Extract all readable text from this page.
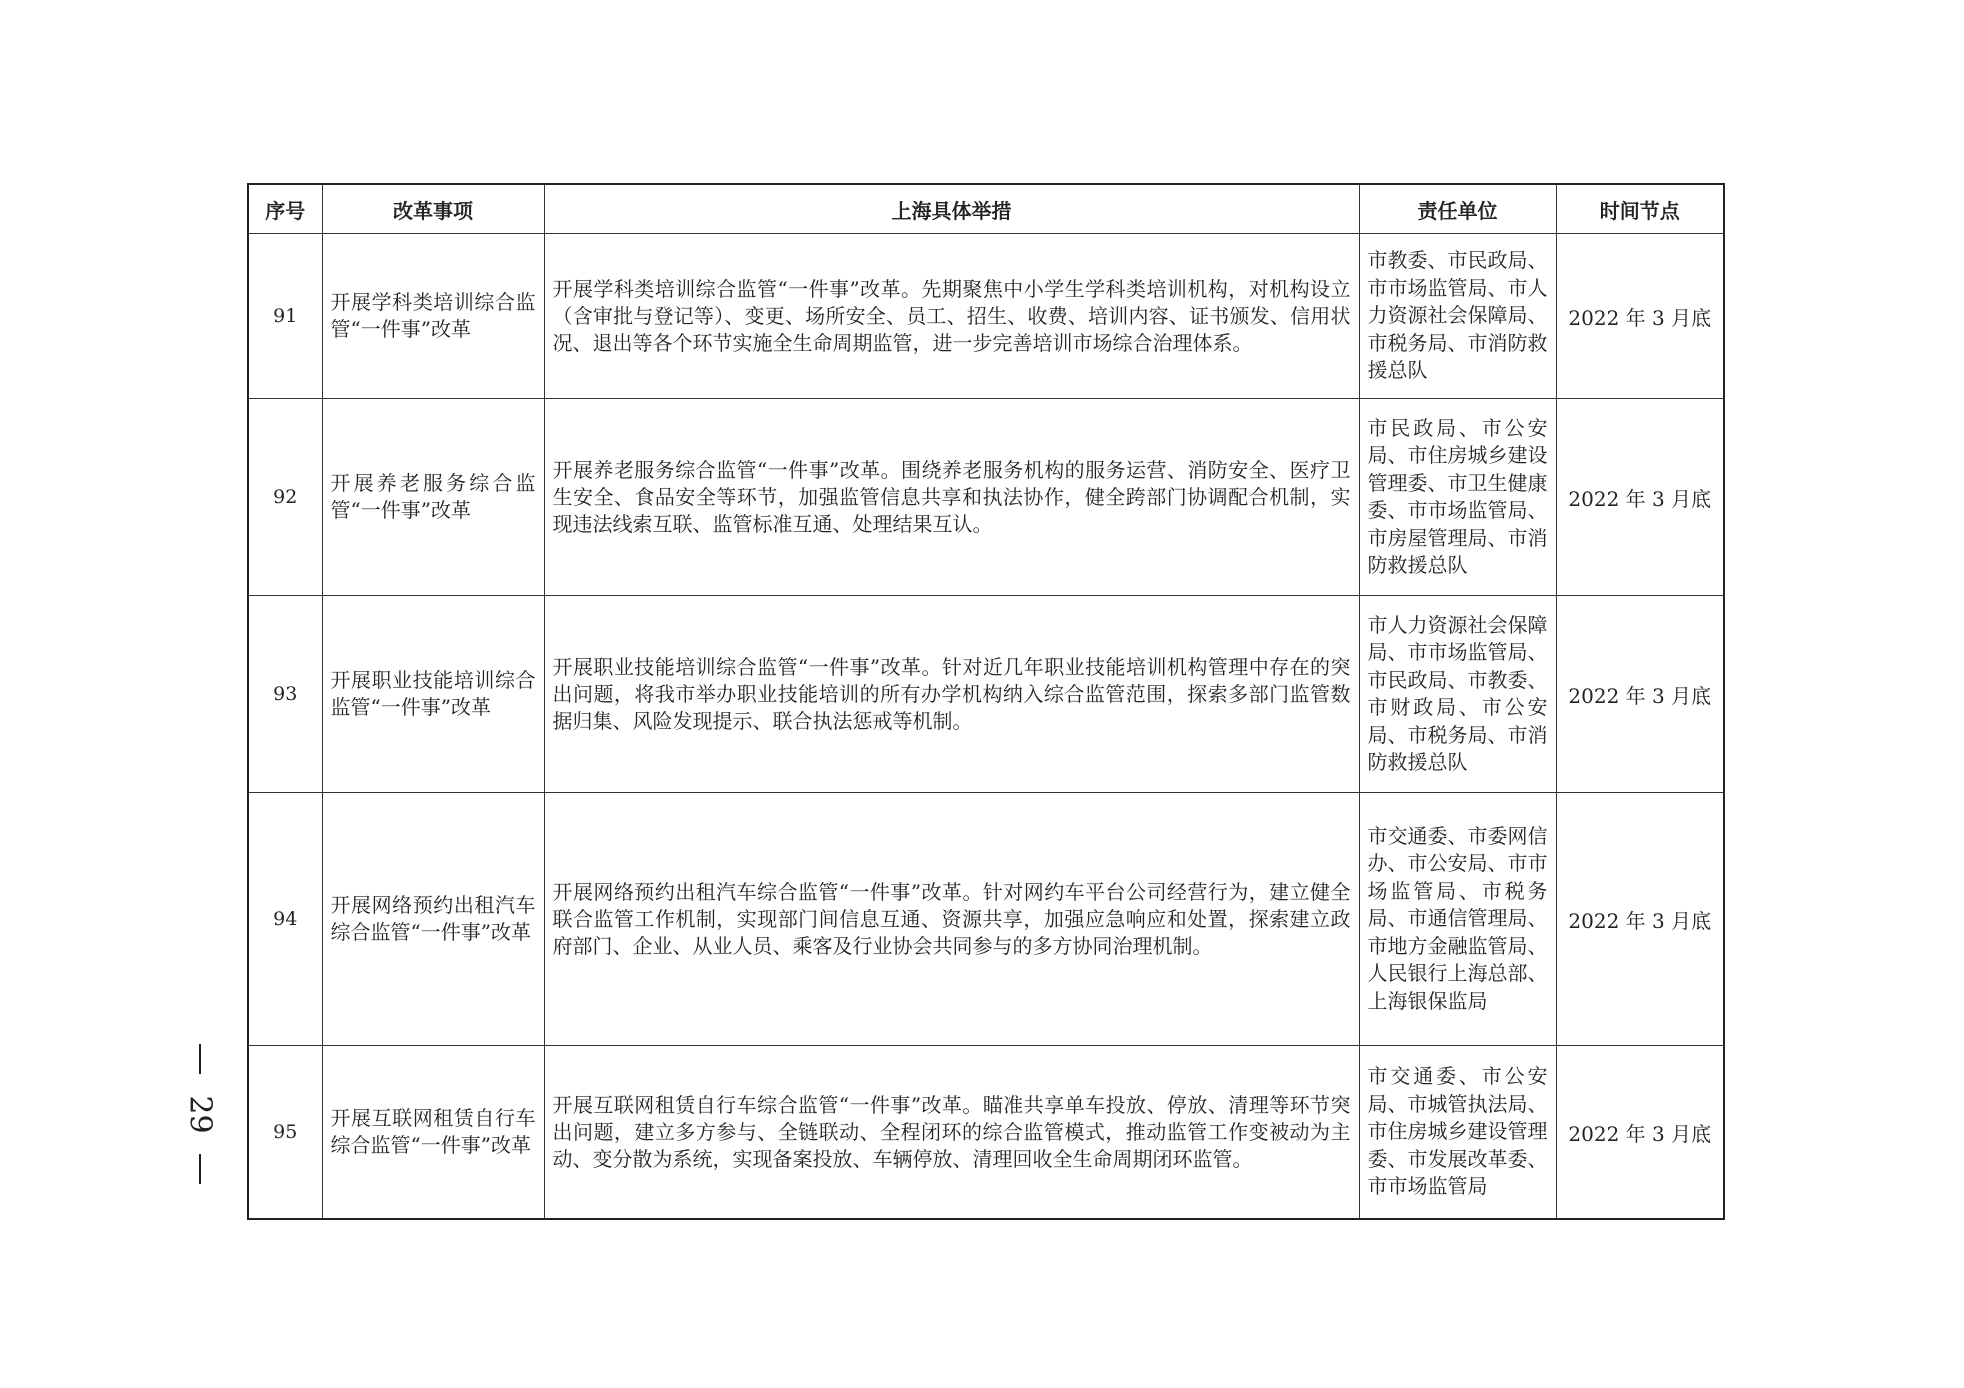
序号	改革事项	上海具体举措	责任单位	时间节点
91	开展学科类培训综合监管“一件事”改革	开展学科类培训综合监管“一件事”改革。先期聚焦中小学生学科类培训机构，对机构设立（含审批与登记等）、变更、场所安全、员工、招生、收费、培训内容、证书颁发、信用状况、退出等各个环节实施全生命周期监管，进一步完善培训市场综合治理体系。	市教委、市民政局、市市场监管局、市人力资源社会保障局、市税务局、市消防救援总队	2022 年 3 月底
92	开展养老服务综合监管“一件事”改革	开展养老服务综合监管“一件事”改革。围绕养老服务机构的服务运营、消防安全、医疗卫生安全、食品安全等环节，加强监管信息共享和执法协作，健全跨部门协调配合机制，实现违法线索互联、监管标准互通、处理结果互认。	市民政局、市公安局、市住房城乡建设管理委、市卫生健康委、市市场监管局、市房屋管理局、市消防救援总队	2022 年 3 月底
93	开展职业技能培训综合监管“一件事”改革	开展职业技能培训综合监管“一件事”改革。针对近几年职业技能培训机构管理中存在的突出问题，将我市举办职业技能培训的所有办学机构纳入综合监管范围，探索多部门监管数据归集、风险发现提示、联合执法惩戒等机制。	市人力资源社会保障局、市市场监管局、市民政局、市教委、市财政局、市公安局、市税务局、市消防救援总队	2022 年 3 月底
94	开展网络预约出租汽车综合监管“一件事”改革	开展网络预约出租汽车综合监管“一件事”改革。针对网约车平台公司经营行为，建立健全联合监管工作机制，实现部门间信息互通、资源共享，加强应急响应和处置，探索建立政府部门、企业、从业人员、乘客及行业协会共同参与的多方协同治理机制。	市交通委、市委网信办、市公安局、市市场监管局、市税务局、市通信管理局、市地方金融监管局、人民银行上海总部、上海银保监局	2022 年 3 月底
95	开展互联网租赁自行车综合监管“一件事”改革	开展互联网租赁自行车综合监管“一件事”改革。瞄准共享单车投放、停放、清理等环节突出问题，建立多方参与、全链联动、全程闭环的综合监管模式，推动监管工作变被动为主动、变分散为系统，实现备案投放、车辆停放、清理回收全生命周期闭环监管。	市交通委、市公安局、市城管执法局、市住房城乡建设管理委、市发展改革委、市市场监管局	2022 年 3 月底
29
